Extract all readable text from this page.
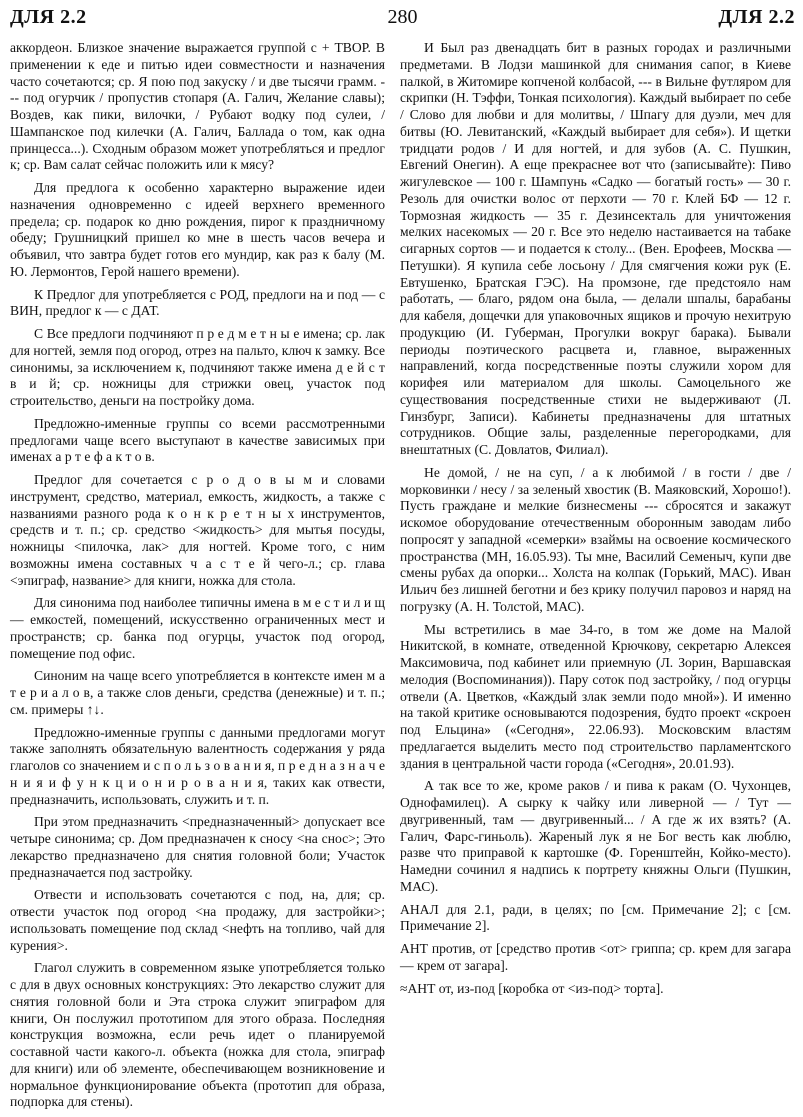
ДЛЯ 2.2	280	ДЛЯ 2.2

аккордеон. Близкое значение выражается группой с + ТВОР. В применении к еде и питью идеи совместности и назначения часто сочетаются; ср. Я пою под закуску / и две тысячи грамм. --- под огурчик / пропустив стопаря (А. Галич, Желание славы); Воздев, как пики, вилочки, / Рубают водку под сулеи, / Шампанское под килечки (А. Галич, Баллада о том, как одна принцесса...). Сходным образом может употребляться и предлог к; ср. Вам салат сейчас положить или к мясу?

Для предлога к особенно характерно выражение идеи назначения одновременно с идеей верхнего временного предела; ср. подарок ко дню рождения, пирог к праздничному обеду; Грушницкий пришел ко мне в шесть часов вечера и объявил, что завтра будет готов его мундир, как раз к балу (М. Ю. Лермонтов, Герой нашего времени).

К Предлог для употребляется с РОД, предлоги на и под — с ВИН, предлог к — с ДАТ.

С Все предлоги подчиняют п р е д м е т н ы е имена; ср. лак для ногтей, земля под огород, отрез на пальто, ключ к замку. Все синонимы, за исключением к, подчиняют также имена д е й с т в и й; ср. ножницы для стрижки овец, участок под строительство, деньги на постройку дома.

Предложно-именные группы со всеми рассмотренными предлогами чаще всего выступают в качестве зависимых при именах а р т е ф а к т о в.

Предлог для сочетается с р о д о в ы м и словами инструмент, средство, материал, емкость, жидкость, а также с названиями разного рода к о н к р е т н ы х инструментов, средств и т. п.; ср. средство <жидкость> для мытья посуды, ножницы <пилочка, лак> для ногтей. Кроме того, с ним возможны имена составных ч а с т е й чего-л.; ср. глава <эпиграф, название> для книги, ножка для стола.

Для синонима под наиболее типичны имена в м е с т и л и щ — емкостей, помещений, искусственно ограниченных мест и пространств; ср. банка под огурцы, участок под огород, помещение под офис.

Синоним на чаще всего употребляется в контексте имен м а т е р и а л о в, а также слов деньги, средства (денежные) и т. п.; см. примеры ↑↓.

Предложно-именные группы с данными предлогами могут также заполнять обязательную валентность содержания у ряда глаголов со значением и с п о л ь з о в а н и я, п р е д н а з н а ч е н и я и ф у н к ц и о н и р о в а н и я, таких как отвести, предназначить, использовать, служить и т. п.

При этом предназначить <предназначенный> допускает все четыре синонима; ср. Дом предназначен к сносу <на снос>; Это лекарство предназначено для снятия головной боли; Участок предназначается под застройку.

Отвести и использовать сочетаются с под, на, для; ср. отвести участок под огород <на продажу, для застройки>; использовать помещение под склад <нефть на топливо, чай для курения>.

Глагол служить в современном языке употребляется только с для в двух основных конструкциях: Это лекарство служит для снятия головной боли и Эта строка служит эпиграфом для книги, Он послужил прототипом для этого образа. Последняя конструкция возможна, если речь идет о планируемой составной части какого-л. объекта (ножка для стола, эпиграф для книги) или об элементе, обеспечивающем возникновение и нормальное функционирование объекта (прототип для образа, подпорка для стены).

И Был раз двенадцать бит в разных городах и различными предметами. В Лодзи машинкой для снимания сапог, в Киеве палкой, в Житомире копченой колбасой, --- в Вильне футляром для скрипки (Н. Тэффи, Тонкая психология). Каждый выбирает по себе / Слово для любви и для молитвы, / Шпагу для дуэли, меч для битвы (Ю. Левитанский, «Каждый выбирает для себя»). И щетки тридцати родов / И для ногтей, и для зубов (А. С. Пушкин, Евгений Онегин). А еще прекраснее вот что (записывайте): Пиво жигулевское — 100 г. Шампунь «Садко — богатый гость» — 30 г. Резоль для очистки волос от перхоти — 70 г. Клей БФ — 12 г. Тормозная жидкость — 35 г. Дезинсекталь для уничтожения мелких насекомых — 20 г. Все это неделю настаивается на табаке сигарных сортов — и подается к столу... (Вен. Ерофеев, Москва — Петушки). Я купила себе лосьону / Для смягчения кожи рук (Е. Евтушенко, Братская ГЭС). На промзоне, где предстояло нам работать, — благо, рядом она была, — делали шпалы, барабаны для кабеля, дощечки для упаковочных ящиков и прочую нехитрую продукцию (И. Губерман, Прогулки вокруг барака). Бывали периоды поэтического расцвета и, главное, выраженных направлений, когда посредственные поэты служили хором для корифея или материалом для школы. Самоцельного же существования посредственные стихи не выдерживают (Л. Гинзбург, Записи). Кабинеты предназначены для штатных сотрудников. Общие залы, разделенные перегородками, для внештатных (С. Довлатов, Филиал).

Не домой, / не на суп, / а к любимой / в гости / две / морковинки / несу / за зеленый хвостик (В. Маяковский, Хорошо!). Пусть граждане и мелкие бизнесмены --- сбросятся и закажут искомое оборудование отечественным оборонным заводам либо попросят у западной «семерки» взаймы на освоение космического пространства (МН, 16.05.93). Ты мне, Василий Семеныч, купи две смены рубах да опорки... Холста на колпак (Горький, МАС). Иван Ильич без лишней беготни и без крику получил паровоз и наряд на погрузку (А. Н. Толстой, МАС).

Мы встретились в мае 34-го, в том же доме на Малой Никитской, в комнате, отведенной Крючкову, секретарю Алексея Максимовича, под кабинет или приемную (Л. Зорин, Варшавская мелодия (Воспоминания)). Пару соток под застройку, / под огурцы отвели (А. Цветков, «Каждый злак земли подо мной»). И именно на такой критике основываются подозрения, будто проект «скроен под Ельцина» («Сегодня», 22.06.93). Московским властям предлагается выделить место под строительство парламентского здания в центральной части города («Сегодня», 20.01.93).

А так все то же, кроме раков / и пива к ракам (О. Чухонцев, Однофамилец). А сырку к чайку или ливерной — / Тут — двугривенный, там — двугривенный... / А где ж их взять? (А. Галич, Фарс-гиньоль). Жареный лук я не Бог весть как люблю, разве что приправой к картошке (Ф. Горенштейн, Койко-место). Намедни сочинил я надпись к портрету княжны Ольги (Пушкин, МАС).

АНАЛ для 2.1, ради, в целях; по [см. Примечание 2]; с [см. Примечание 2].

АНТ против, от [средство против <от> гриппа; ср. крем для загара — крем от загара].

≈АНТ от, из-под [коробка от <из-под> торта].
